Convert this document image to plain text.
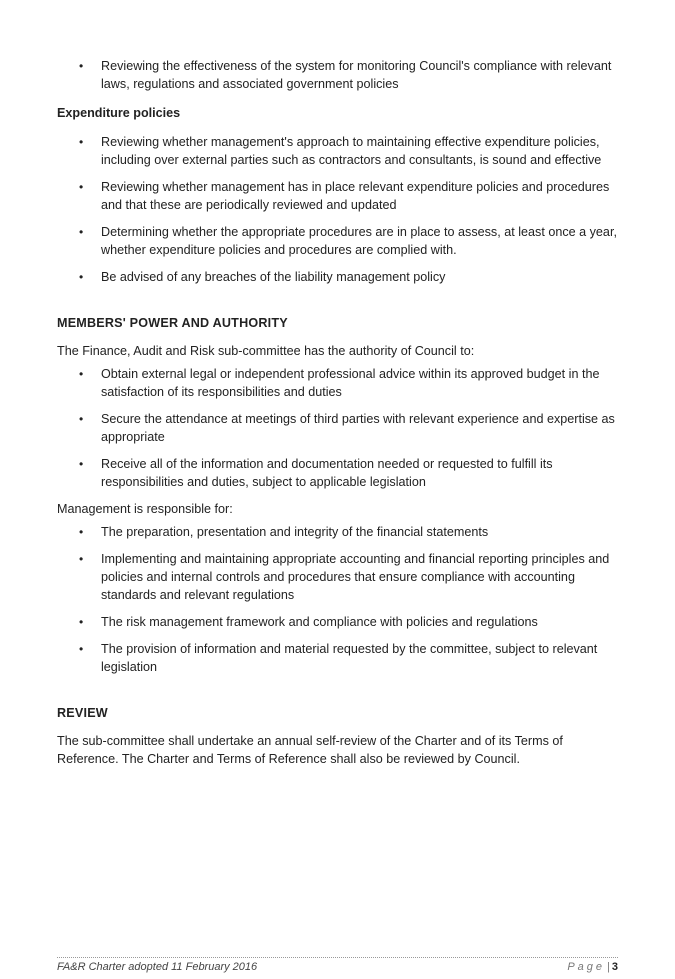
• Reviewing the effectiveness of the system for monitoring Council's compliance with relevant laws, regulations and associated government policies

Expenditure policies

• Reviewing whether management's approach to maintaining effective expenditure policies, including over external parties such as contractors and consultants, is sound and effective
• Reviewing whether management has in place relevant expenditure policies and procedures and that these are periodically reviewed and updated
• Determining whether the appropriate procedures are in place to assess, at least once a year, whether expenditure policies and procedures are complied with.
• Be advised of any breaches of the liability management policy

MEMBERS' POWER AND AUTHORITY

The Finance, Audit and Risk sub-committee has the authority of Council to:

• Obtain external legal or independent professional advice within its approved budget in the satisfaction of its responsibilities and duties
• Secure the attendance at meetings of third parties with relevant experience and expertise as appropriate
• Receive all of the information and documentation needed or requested to fulfill its responsibilities and duties, subject to applicable legislation

Management is responsible for:

• The preparation, presentation and integrity of the financial statements
• Implementing and maintaining appropriate accounting and financial reporting principles and policies and internal controls and procedures that ensure compliance with accounting standards and relevant regulations
• The risk management framework and compliance with policies and regulations
• The provision of information and material requested by the committee, subject to relevant legislation

REVIEW

The sub-committee shall undertake an annual self-review of the Charter and of its Terms of Reference. The Charter and Terms of Reference shall also be reviewed by Council.

FA&R Charter adopted 11 February 2016	Page | 3
